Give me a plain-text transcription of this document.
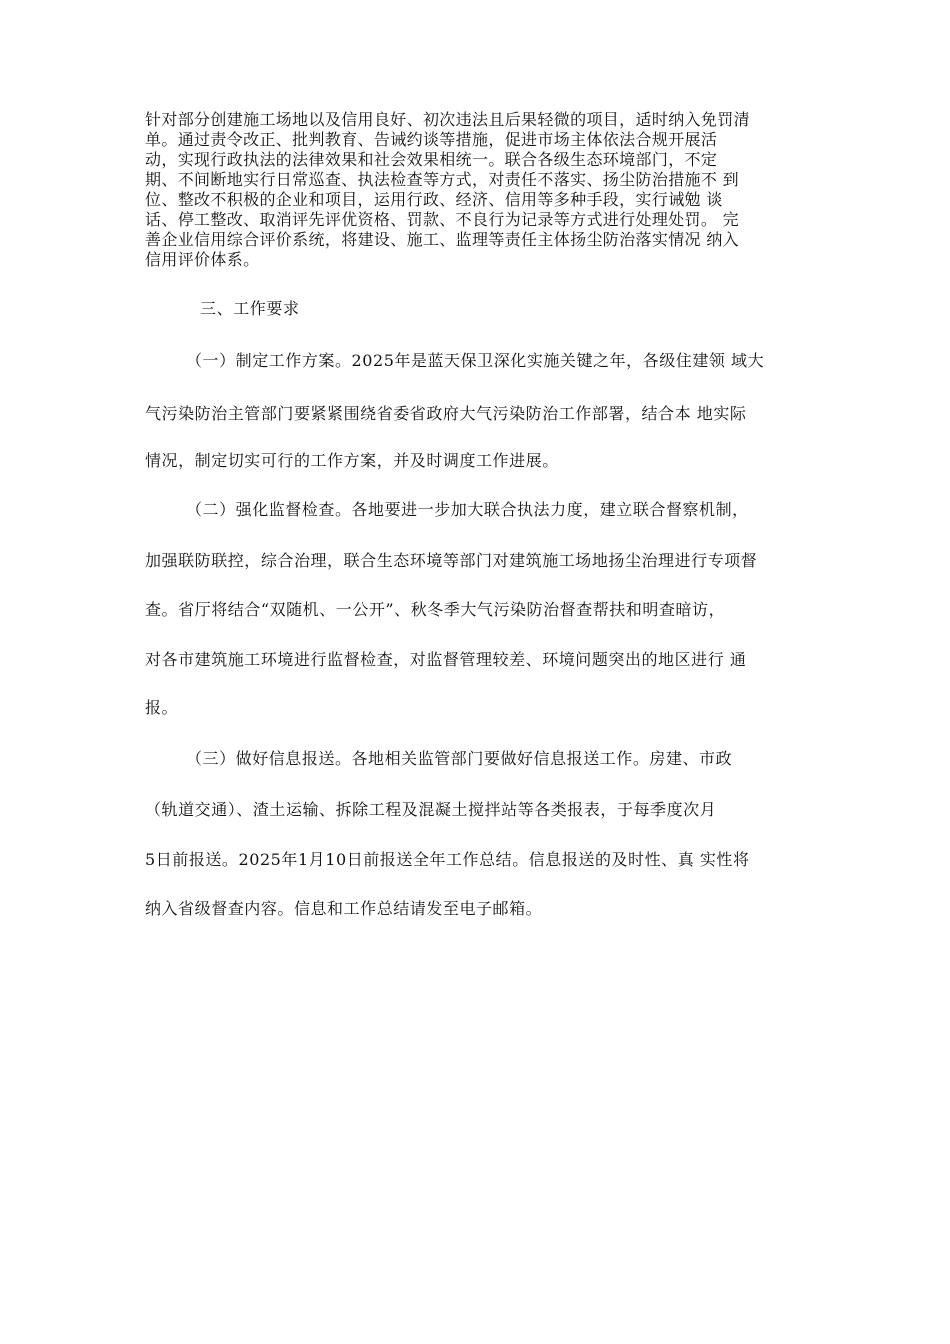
针对部分创建施工场地以及信用良好、初次违法且后果轻微的项目，适时纳入免罚清
单。通过责令改正、批判教育、告诫约谈等措施，促进市场主体依法合规开展活
动，实现行政执法的法律效果和社会效果相统一。联合各级生态环境部门，不定
期、不间断地实行日常巡查、执法检查等方式，对责任不落实、扬尘防治措施不 到
位、整改不积极的企业和项目，运用行政、经济、信用等多种手段，实行诫勉 谈
话、停工整改、取消评先评优资格、罚款、不良行为记录等方式进行处理处罚。 完
善企业信用综合评价系统，将建设、施工、监理等责任主体扬尘防治落实情况 纳入
信用评价体系。
三、工作要求
（一）制定工作方案。2025年是蓝天保卫深化实施关键之年，各级住建领 域大
气污染防治主管部门要紧紧围绕省委省政府大气污染防治工作部署，结合本 地实际
情况，制定切实可行的工作方案，并及时调度工作进展。
（二）强化监督检查。各地要进一步加大联合执法力度，建立联合督察机制，
加强联防联控，综合治理，联合生态环境等部门对建筑施工场地扬尘治理进行专项督
查。省厅将结合“双随机、一公开”、秋冬季大气污染防治督查帮扶和明查暗访，
对各市建筑施工环境进行监督检查，对监督管理较差、环境问题突出的地区进行 通
报。
（三）做好信息报送。各地相关监管部门要做好信息报送工作。房建、市政
（轨道交通）、渣土运输、拆除工程及混凝土搅拌站等各类报表，于每季度次月
5日前报送。2025年1月10日前报送全年工作总结。信息报送的及时性、真 实性将
纳入省级督查内容。信息和工作总结请发至电子邮箱。
